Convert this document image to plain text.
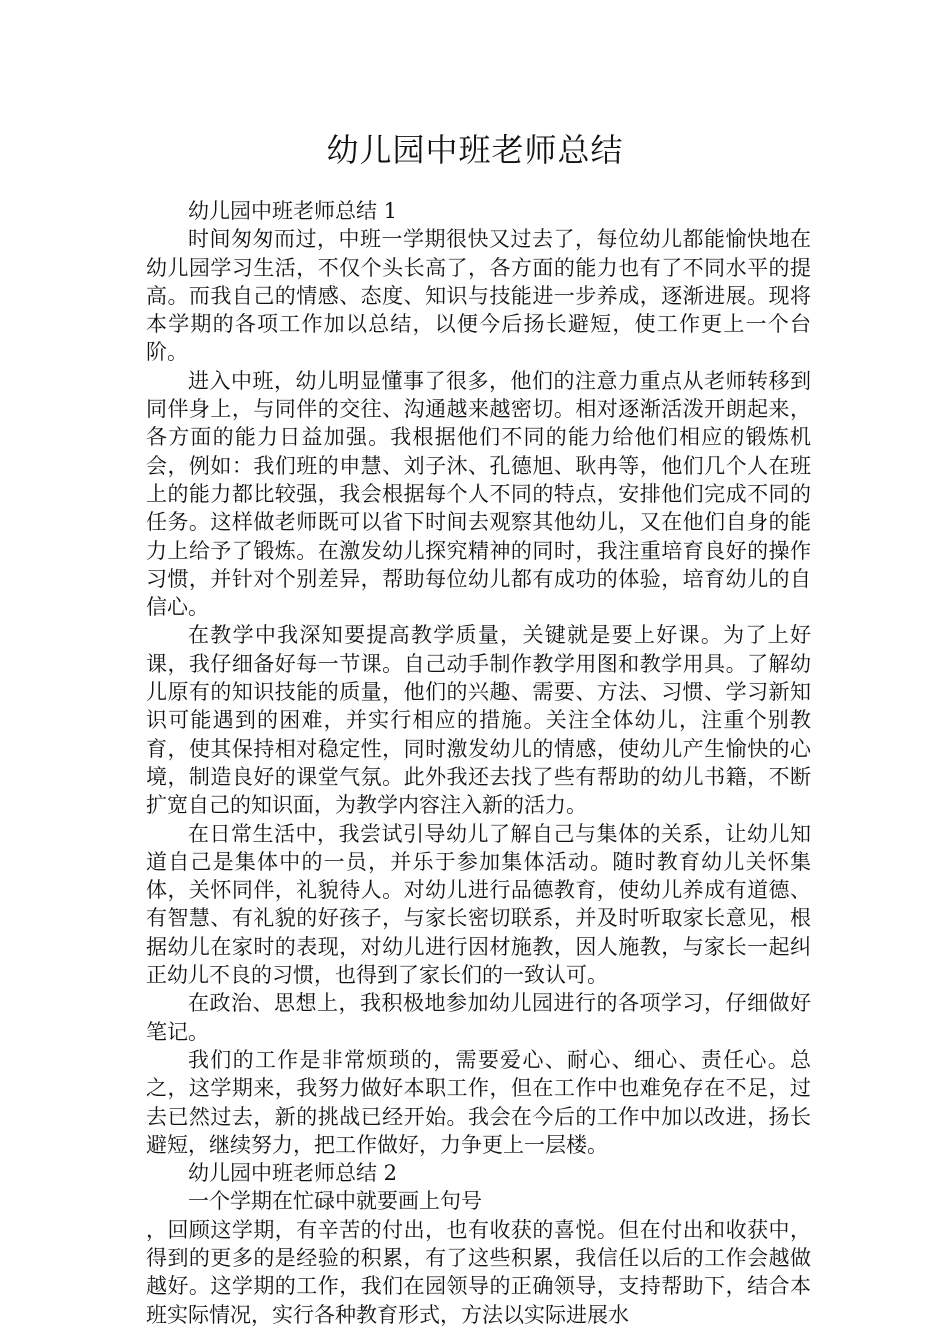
幼儿园中班老师总结

幼儿园中班老师总结 1

时间匆匆而过，中班一学期很快又过去了，每位幼儿都能愉快地在幼儿园学习生活，不仅个头长高了，各方面的能力也有了不同水平的提高。而我自己的情感、态度、知识与技能进一步养成，逐渐进展。现将本学期的各项工作加以总结，以便今后扬长避短，使工作更上一个台阶。

进入中班，幼儿明显懂事了很多，他们的注意力重点从老师转移到同伴身上，与同伴的交往、沟通越来越密切。相对逐渐活泼开朗起来，各方面的能力日益加强。我根据他们不同的能力给他们相应的锻炼机会，例如：我们班的申慧、刘子沐、孔德旭、耿冉等，他们几个人在班上的能力都比较强，我会根据每个人不同的特点，安排他们完成不同的任务。这样做老师既可以省下时间去观察其他幼儿，又在他们自身的能力上给予了锻炼。在激发幼儿探究精神的同时，我注重培育良好的操作习惯，并针对个别差异，帮助每位幼儿都有成功的体验，培育幼儿的自信心。

在教学中我深知要提高教学质量，关键就是要上好课。为了上好课，我仔细备好每一节课。自己动手制作教学用图和教学用具。了解幼儿原有的知识技能的质量，他们的兴趣、需要、方法、习惯、学习新知识可能遇到的困难，并实行相应的措施。关注全体幼儿，注重个别教育，使其保持相对稳定性，同时激发幼儿的情感，使幼儿产生愉快的心境，制造良好的课堂气氛。此外我还去找了些有帮助的幼儿书籍，不断扩宽自己的知识面，为教学内容注入新的活力。

在日常生活中，我尝试引导幼儿了解自己与集体的关系，让幼儿知道自己是集体中的一员，并乐于参加集体活动。随时教育幼儿关怀集体，关怀同伴，礼貌待人。对幼儿进行品德教育，使幼儿养成有道德、有智慧、有礼貌的好孩子，与家长密切联系，并及时听取家长意见，根据幼儿在家时的表现，对幼儿进行因材施教，因人施教，与家长一起纠正幼儿不良的习惯，也得到了家长们的一致认可。

在政治、思想上，我积极地参加幼儿园进行的各项学习，仔细做好笔记。

我们的工作是非常烦琐的，需要爱心、耐心、细心、责任心。总之，这学期来，我努力做好本职工作，但在工作中也难免存在不足，过去已然过去，新的挑战已经开始。我会在今后的工作中加以改进，扬长避短，继续努力，把工作做好，力争更上一层楼。

幼儿园中班老师总结 2

一个学期在忙碌中就要画上句号

，回顾这学期，有辛苦的付出，也有收获的喜悦。但在付出和收获中，得到的更多的是经验的积累，有了这些积累，我信任以后的工作会越做越好。这学期的工作，我们在园领导的正确领导，支持帮助下，结合本班实际情况，实行各种教育形式，方法以实际进展水
